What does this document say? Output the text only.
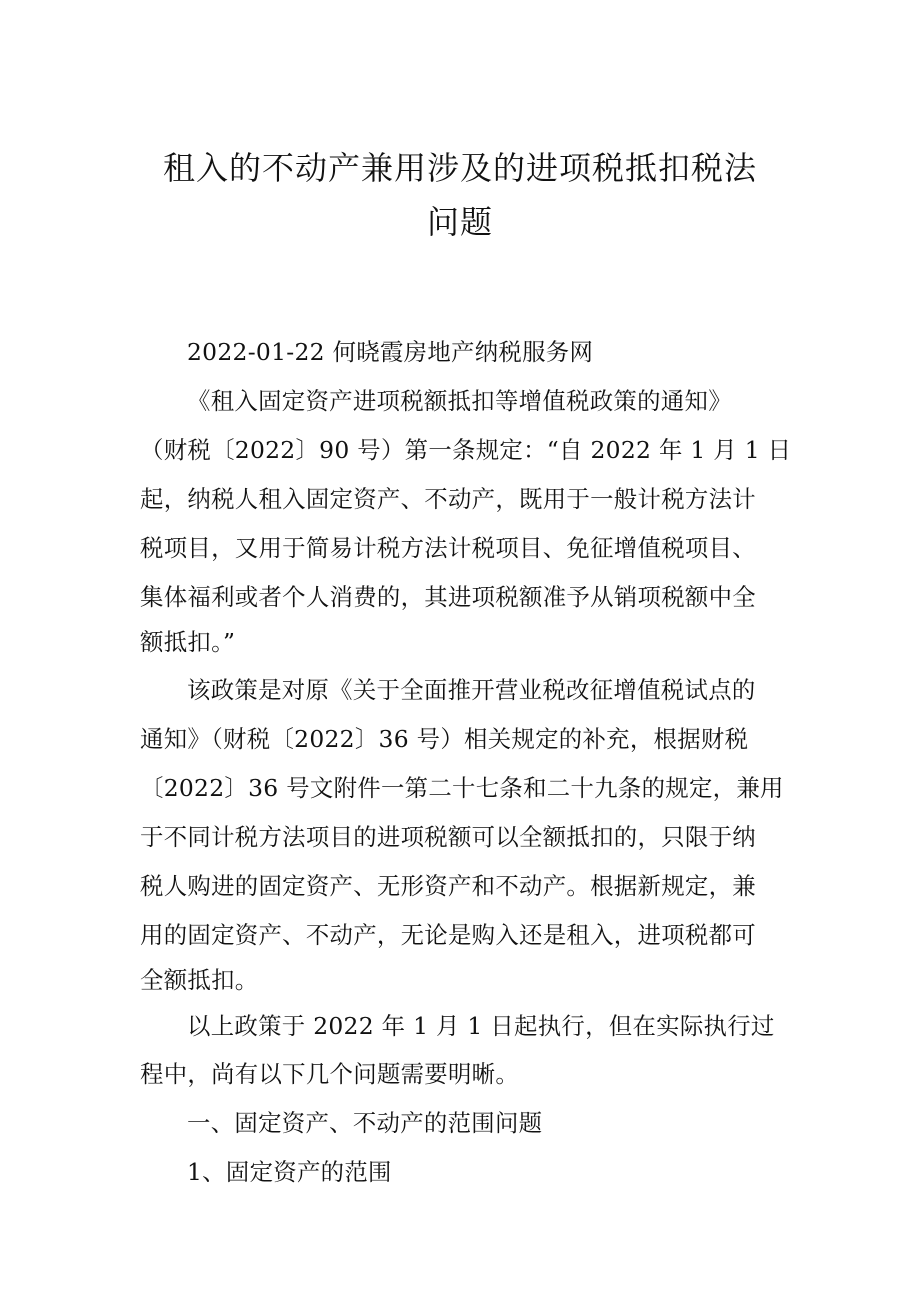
租入的不动产兼用涉及的进项税抵扣税法
问题
2022-01-22 何晓霞房地产纳税服务网
《租入固定资产进项税额抵扣等增值税政策的通知》
（财税〔2022〕90 号）第一条规定：“自 2022 年 1 月 1 日
起，纳税人租入固定资产、不动产，既用于一般计税方法计
税项目，又用于简易计税方法计税项目、免征增值税项目、
集体福利或者个人消费的，其进项税额准予从销项税额中全
额抵扣。”
该政策是对原《关于全面推开营业税改征增值税试点的
通知》（财税〔2022〕36 号）相关规定的补充，根据财税
〔2022〕36 号文附件一第二十七条和二十九条的规定，兼用
于不同计税方法项目的进项税额可以全额抵扣的，只限于纳
税人购进的固定资产、无形资产和不动产。根据新规定，兼
用的固定资产、不动产，无论是购入还是租入，进项税都可
全额抵扣。
以上政策于 2022 年 1 月 1 日起执行，但在实际执行过
程中，尚有以下几个问题需要明晰。
一、固定资产、不动产的范围问题
1、固定资产的范围
